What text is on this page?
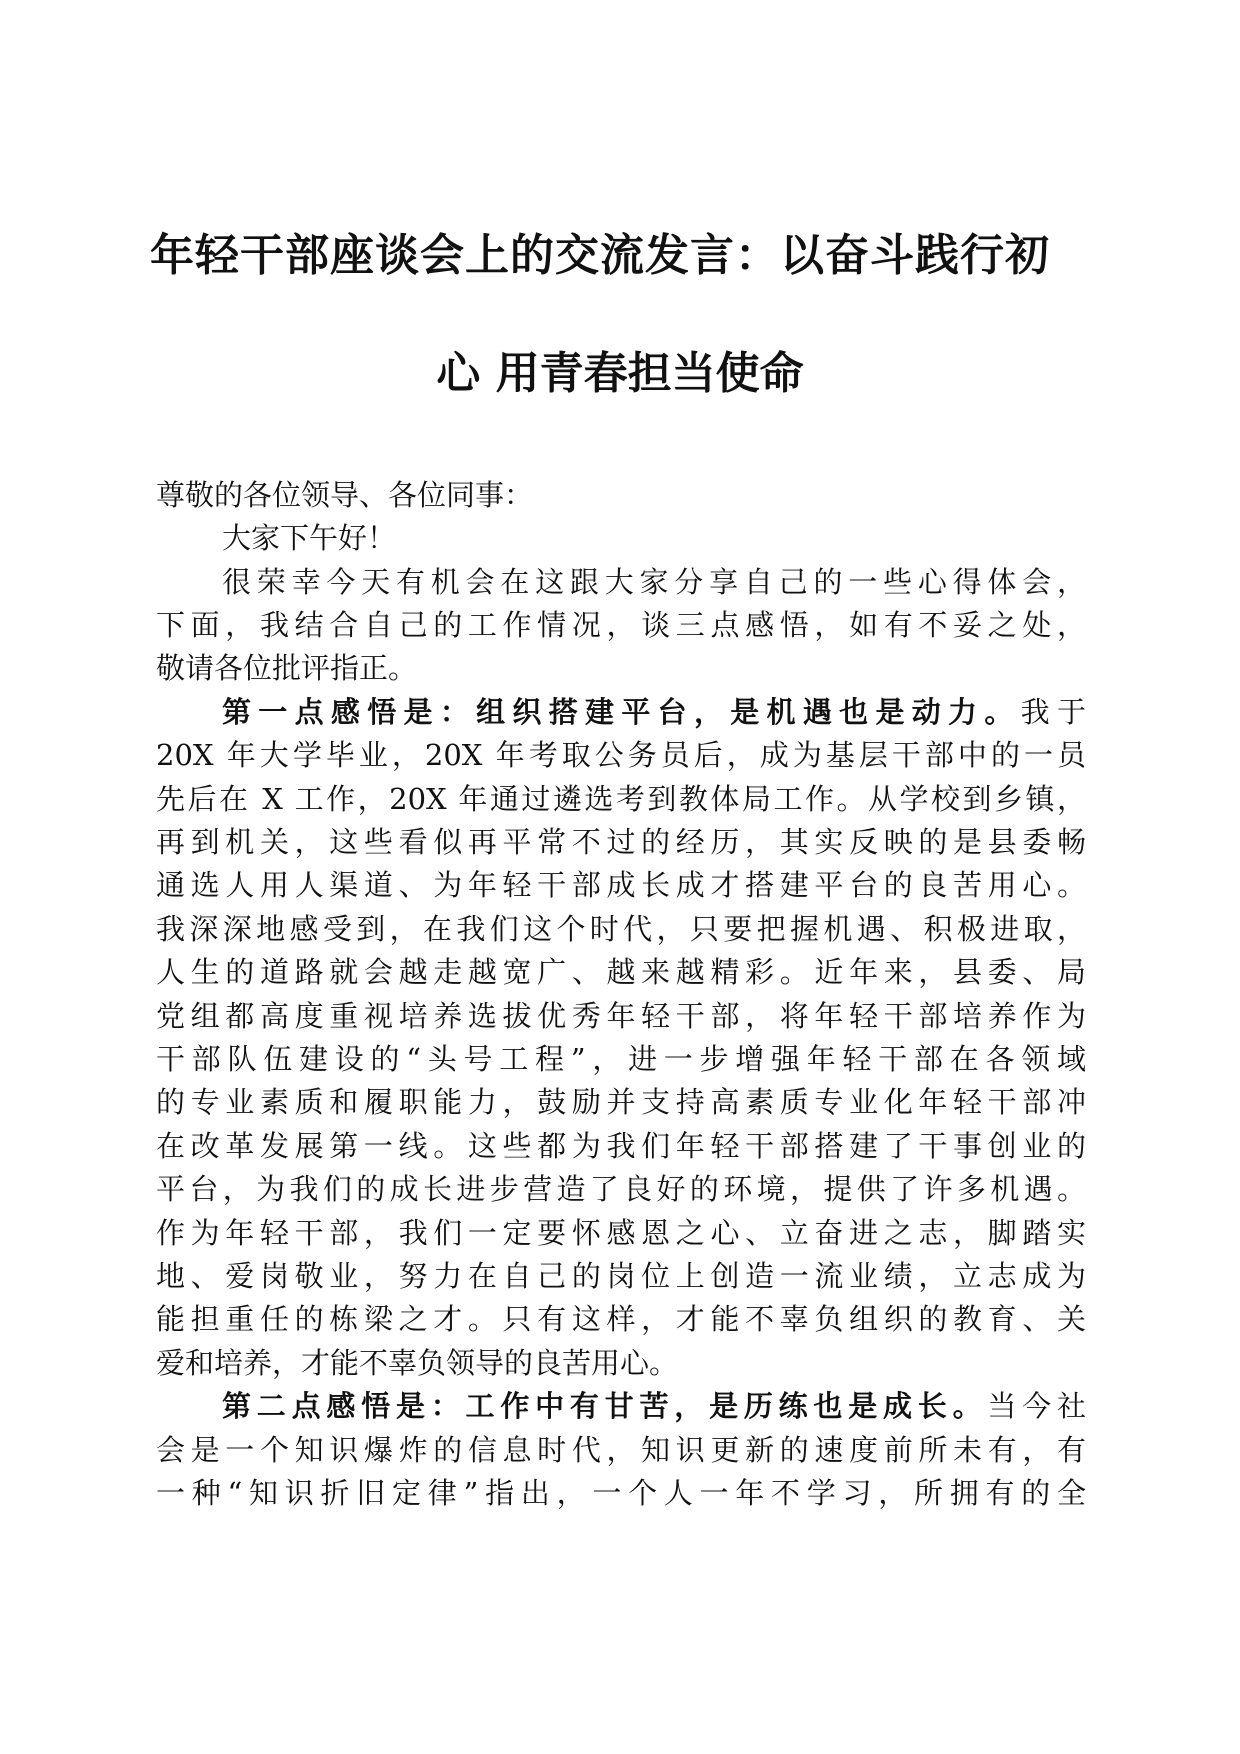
年轻干部座谈会上的交流发言：以奋斗践行初
心 用青春担当使命

尊敬的各位领导、各位同事：

大家下午好！

很荣幸今天有机会在这跟大家分享自己的一些心得体会，

下面，我结合自己的工作情况，谈三点感悟，如有不妥之处，

敬请各位批评指正。

第一点感悟是：组织搭建平台，是机遇也是动力。我于

20X 年大学毕业，20X 年考取公务员后，成为基层干部中的一员

先后在 X 工作，20X 年通过遴选考到教体局工作。从学校到乡镇，

再到机关，这些看似再平常不过的经历，其实反映的是县委畅

通选人用人渠道、为年轻干部成长成才搭建平台的良苦用心。

我深深地感受到，在我们这个时代，只要把握机遇、积极进取，

人生的道路就会越走越宽广、越来越精彩。近年来，县委、局

党组都高度重视培养选拔优秀年轻干部，将年轻干部培养作为

干部队伍建设的“头号工程”，进一步增强年轻干部在各领域

的专业素质和履职能力，鼓励并支持高素质专业化年轻干部冲

在改革发展第一线。这些都为我们年轻干部搭建了干事创业的

平台，为我们的成长进步营造了良好的环境，提供了许多机遇。

作为年轻干部，我们一定要怀感恩之心、立奋进之志，脚踏实

地、爱岗敬业，努力在自己的岗位上创造一流业绩，立志成为

能担重任的栋梁之才。只有这样，才能不辜负组织的教育、关

爱和培养，才能不辜负领导的良苦用心。

第二点感悟是：工作中有甘苦，是历练也是成长。当今社

会是一个知识爆炸的信息时代，知识更新的速度前所未有，有

一种“知识折旧定律”指出，一个人一年不学习，所拥有的全
